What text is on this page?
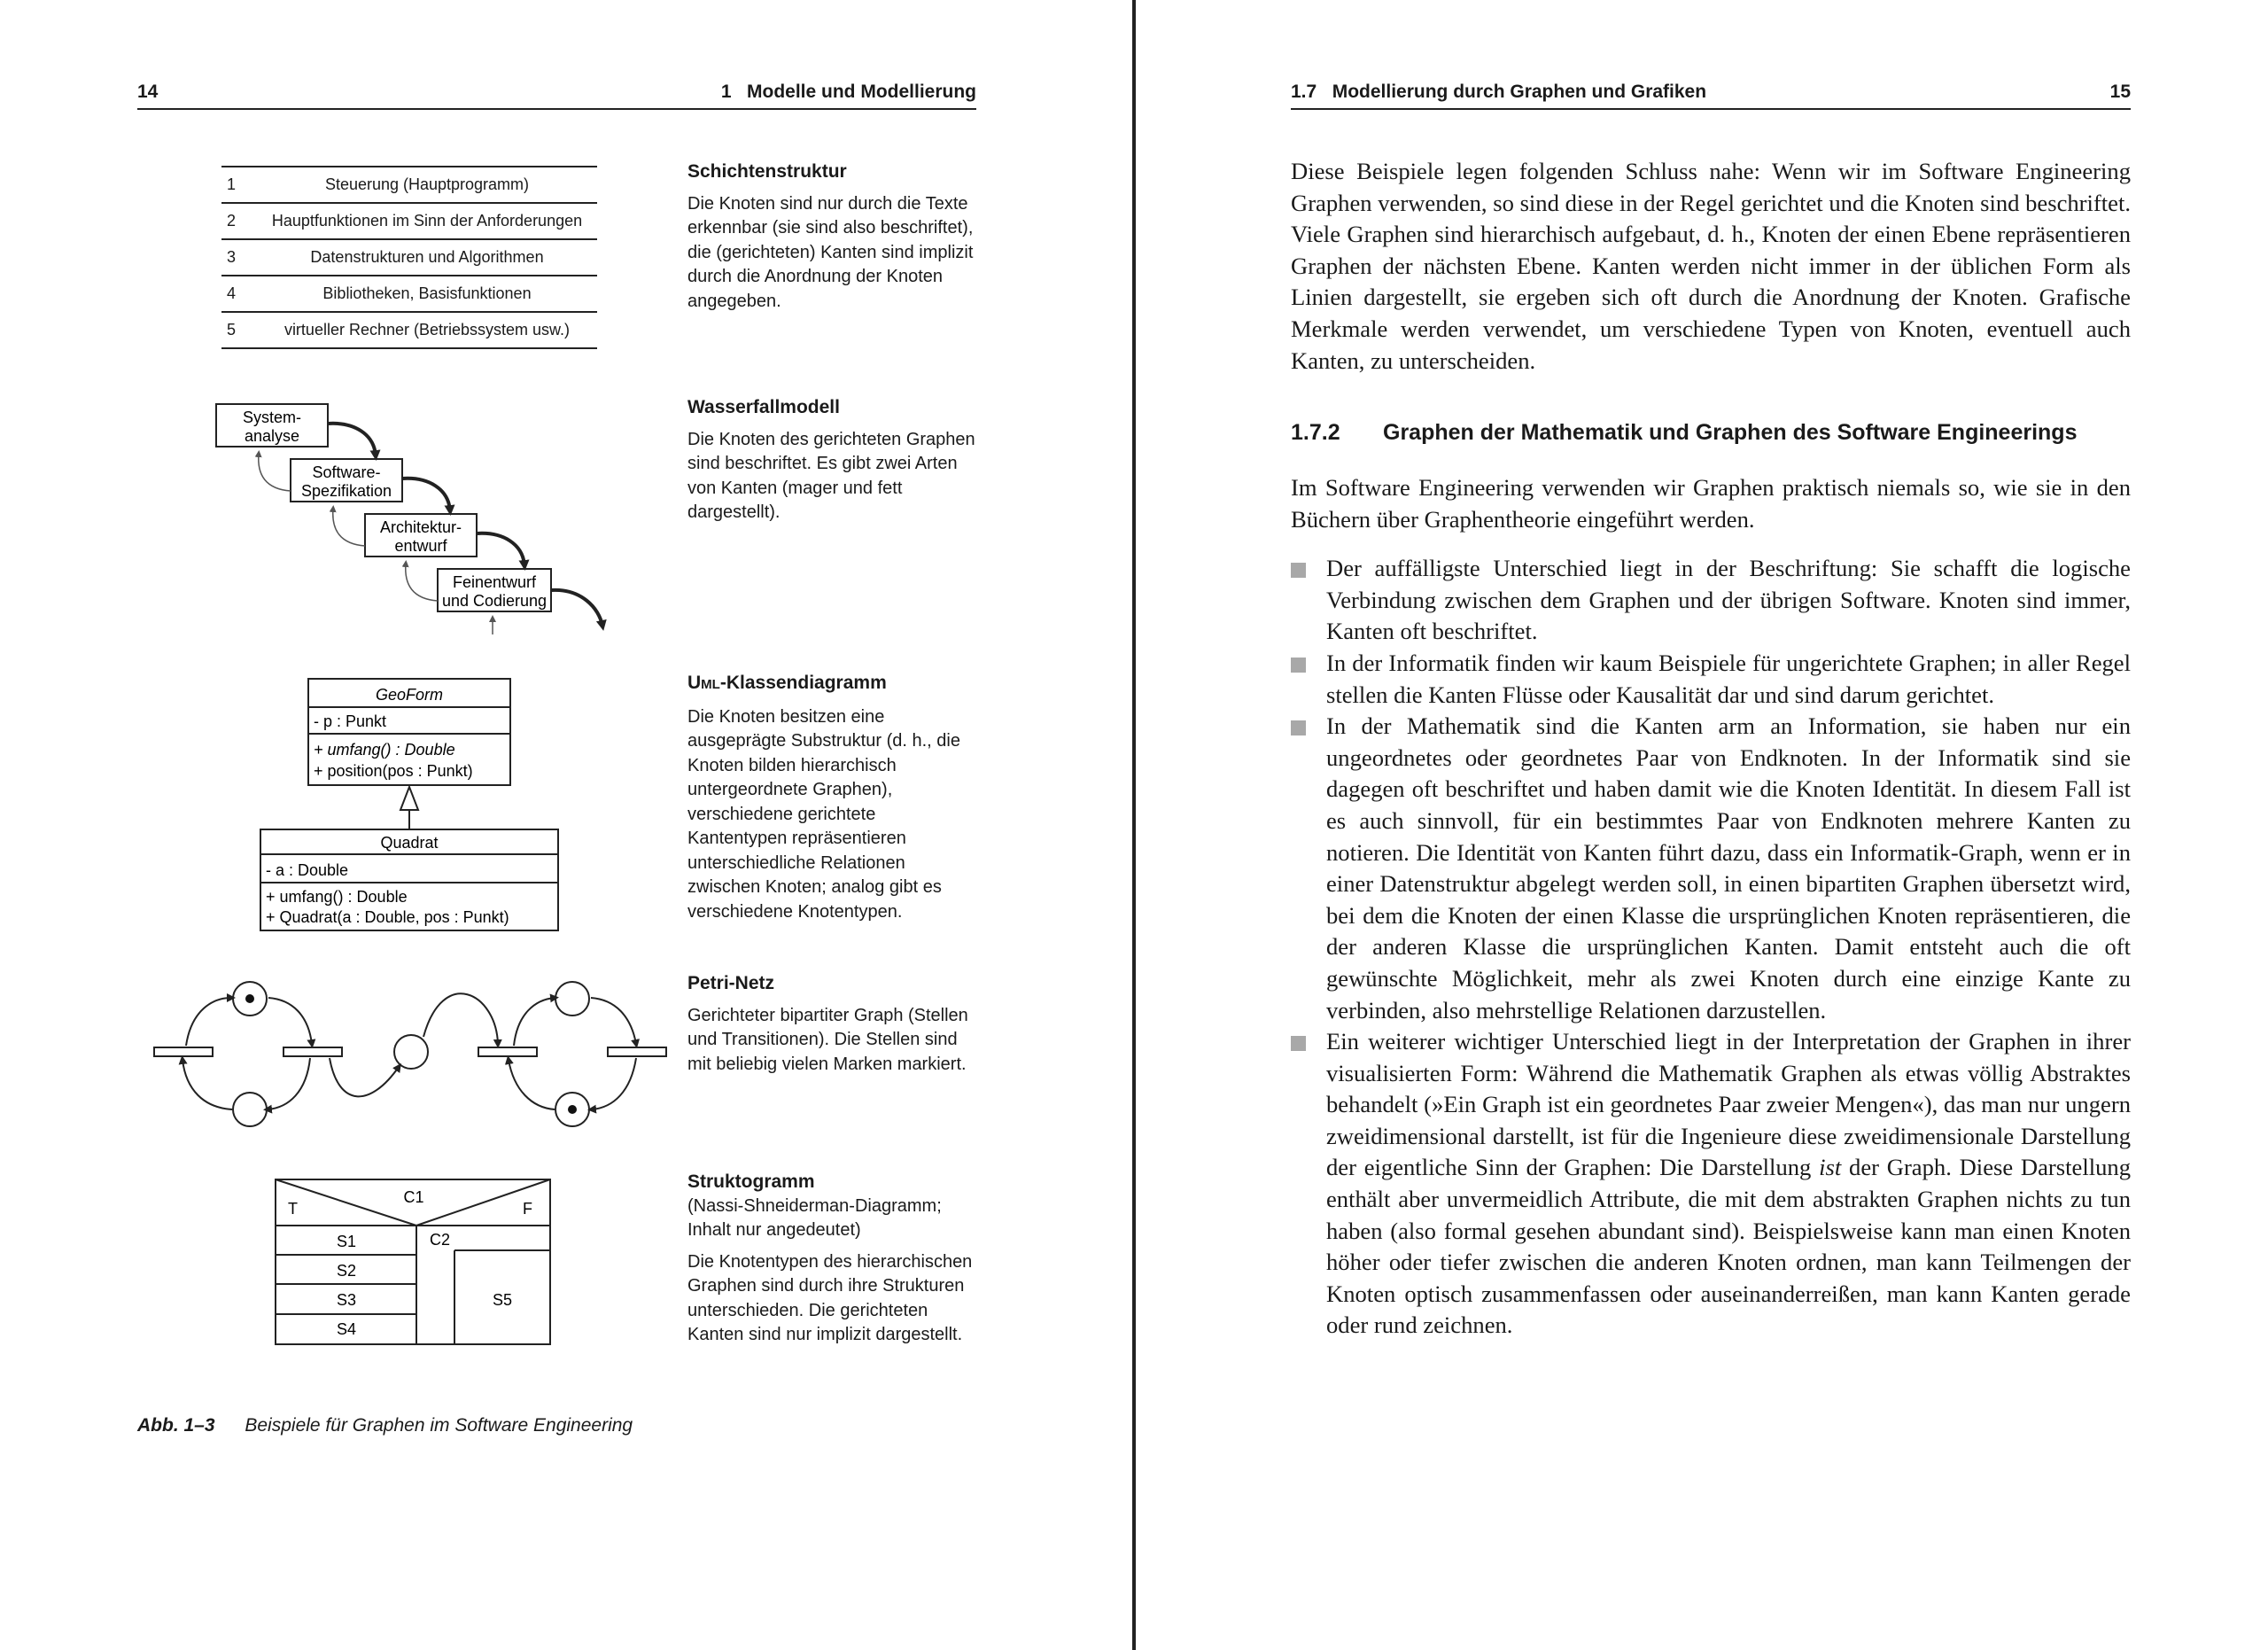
14	1   Modelle und Modellierung
1	Steuerung (Hauptprogramm)
2	Hauptfunktionen im Sinn der Anforderungen
3	Datenstrukturen und Algorithmen
4	Bibliotheken, Basisfunktionen
5	virtueller Rechner (Betriebssystem usw.)
System-
analyse
Software-
Spezifikation
Architektur-
entwurf
Feinentwurf
und Codierung
GeoForm
- p : Punkt
+ umfang() : Double
+ position(pos : Punkt)
Quadrat
- a : Double
+ umfang() : Double
+ Quadrat(a : Double, pos : Punkt)
C1
T	F
S1
S2
S3
S4
C2
S5
Schichtenstruktur

Die Knoten sind nur durch die Texte erkennbar (sie sind also beschriftet), die (gerichteten) Kanten sind implizit durch die Anordnung der Knoten angegeben.

Wasserfallmodell

Die Knoten des gerichteten Graphen sind beschriftet. Es gibt zwei Arten von Kanten (mager und fett dargestellt).

UML-Klassendiagramm

Die Knoten besitzen eine ausgeprägte Substruktur (d. h., die Knoten bilden hierarchisch untergeordnete Graphen), verschiedene gerichtete Kantentypen repräsentieren unterschiedliche Relationen zwischen Knoten; analog gibt es verschiedene Knotentypen.

Petri-Netz

Gerichteter bipartiter Graph (Stellen und Transitionen). Die Stellen sind mit beliebig vielen Marken markiert.

Struktogramm

(Nassi-Shneiderman-Diagramm; Inhalt nur angedeutet)

Die Knotentypen des hierarchischen Graphen sind durch ihre Strukturen unterschieden. Die gerichteten Kanten sind nur implizit dargestellt.

Abb. 1–3 Beispiele für Graphen im Software Engineering
1.7   Modellierung durch Graphen und Grafiken	15

Diese Beispiele legen folgenden Schluss nahe: Wenn wir im Software Engineering Graphen verwenden, so sind diese in der Regel gerichtet und die Knoten sind beschriftet. Viele Graphen sind hierarchisch aufgebaut, d. h., Knoten der einen Ebene repräsentieren Graphen der nächsten Ebene. Kanten werden nicht immer in der üblichen Form als Linien dargestellt, sie ergeben sich oft durch die Anordnung der Knoten. Grafische Merkmale werden verwendet, um verschiedene Typen von Knoten, eventuell auch Kanten, zu unterscheiden.

1.7.2 Graphen der Mathematik und Graphen des Software Engineerings

Im Software Engineering verwenden wir Graphen praktisch niemals so, wie sie in den Büchern über Graphentheorie eingeführt werden.

Der auffälligste Unterschied liegt in der Beschriftung: Sie schafft die logische Verbindung zwischen dem Graphen und der übrigen Software. Knoten sind immer, Kanten oft beschriftet.
In der Informatik finden wir kaum Beispiele für ungerichtete Graphen; in aller Regel stellen die Kanten Flüsse oder Kausalität dar und sind darum gerichtet.
In der Mathematik sind die Kanten arm an Information, sie haben nur ein ungeordnetes oder geordnetes Paar von Endknoten. In der Informatik sind sie dagegen oft beschriftet und haben damit wie die Knoten Identität. In diesem Fall ist es auch sinnvoll, für ein bestimmtes Paar von Endknoten mehrere Kanten zu notieren. Die Identität von Kanten führt dazu, dass ein Informatik-Graph, wenn er in einer Datenstruktur abgelegt werden soll, in einen bipartiten Graphen übersetzt wird, bei dem die Knoten der einen Klasse die ursprünglichen Knoten repräsentieren, die der anderen Klasse die ursprünglichen Kanten. Damit entsteht auch die oft gewünschte Möglichkeit, mehr als zwei Knoten durch eine einzige Kante zu verbinden, also mehrstellige Relationen darzustellen.
Ein weiterer wichtiger Unterschied liegt in der Interpretation der Graphen in ihrer visualisierten Form: Während die Mathematik Graphen als etwas völlig Abstraktes behandelt (»Ein Graph ist ein geordnetes Paar zweier Mengen«), das man nur ungern zweidimensional darstellt, ist für die Ingenieure diese zweidimensionale Darstellung der eigentliche Sinn der Graphen: Die Darstellung ist der Graph. Diese Darstellung enthält aber unvermeidlich Attribute, die mit dem abstrakten Graphen nichts zu tun haben (also formal gesehen abundant sind). Beispielsweise kann man einen Knoten höher oder tiefer zwischen die anderen Knoten ordnen, man kann Teilmengen der Knoten optisch zusammenfassen oder auseinanderreißen, man kann Kanten gerade oder rund zeichnen.
